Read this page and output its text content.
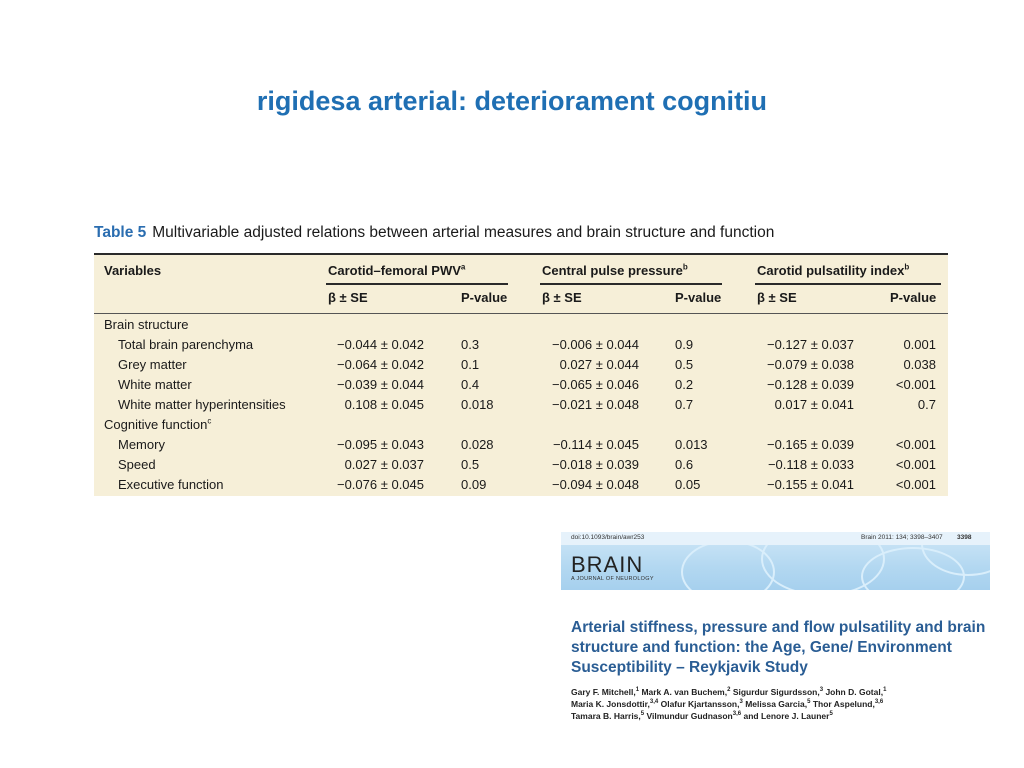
rigidesa arterial: deteriorament cognitiu
Table 5 Multivariable adjusted relations between arterial measures and brain structure and function
Variables	Carotid–femoral PWV$^a$	Central pulse pressure$^b$	Carotid pulsatility index$^b$
β ± SE	P-value	β ± SE	P-value	β ± SE	P-value
Brain structure
Total brain parenchyma	−0.044 ± 0.042	0.3	−0.006 ± 0.044	0.9	−0.127 ± 0.037	0.001
Grey matter	−0.064 ± 0.042	0.1	0.027 ± 0.044	0.5	−0.079 ± 0.038	0.038
White matter	−0.039 ± 0.044	0.4	−0.065 ± 0.046	0.2	−0.128 ± 0.039	<0.001
White matter hyperintensities	0.108 ± 0.045	0.018	−0.021 ± 0.048	0.7	0.017 ± 0.041	0.7
Cognitive function$^c$
Memory	−0.095 ± 0.043	0.028	−0.114 ± 0.045	0.013	−0.165 ± 0.039	<0.001
Speed	0.027 ± 0.037	0.5	−0.018 ± 0.039	0.6	−0.118 ± 0.033	<0.001
Executive function	−0.076 ± 0.045	0.09	−0.094 ± 0.048	0.05	−0.155 ± 0.041	<0.001
doi:10.1093/brain/awr253	Brain 2011: 134; 3398–3407 3398
BRAIN
A JOURNAL OF NEUROLOGY
Arterial stiffness, pressure and flow pulsatility and brain structure and function: the Age, Gene/ Environment Susceptibility – Reykjavik Study
Gary F. Mitchell,$^1$ Mark A. van Buchem,$^2$ Sigurdur Sigurdsson,$^3$ John D. Gotal,$^1$
Maria K. Jonsdottir,$^{3,4}$ Olafur Kjartansson,$^3$ Melissa Garcia,$^5$ Thor Aspelund,$^{3,6}$
Tamara B. Harris,$^5$ Vilmundur Gudnason$^{3,6}$ and Lenore J. Launer$^5$
